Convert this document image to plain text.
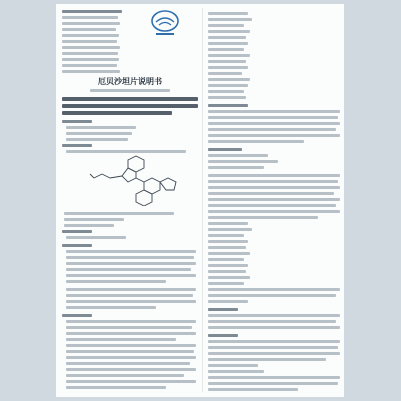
厄贝沙坦片说明书
